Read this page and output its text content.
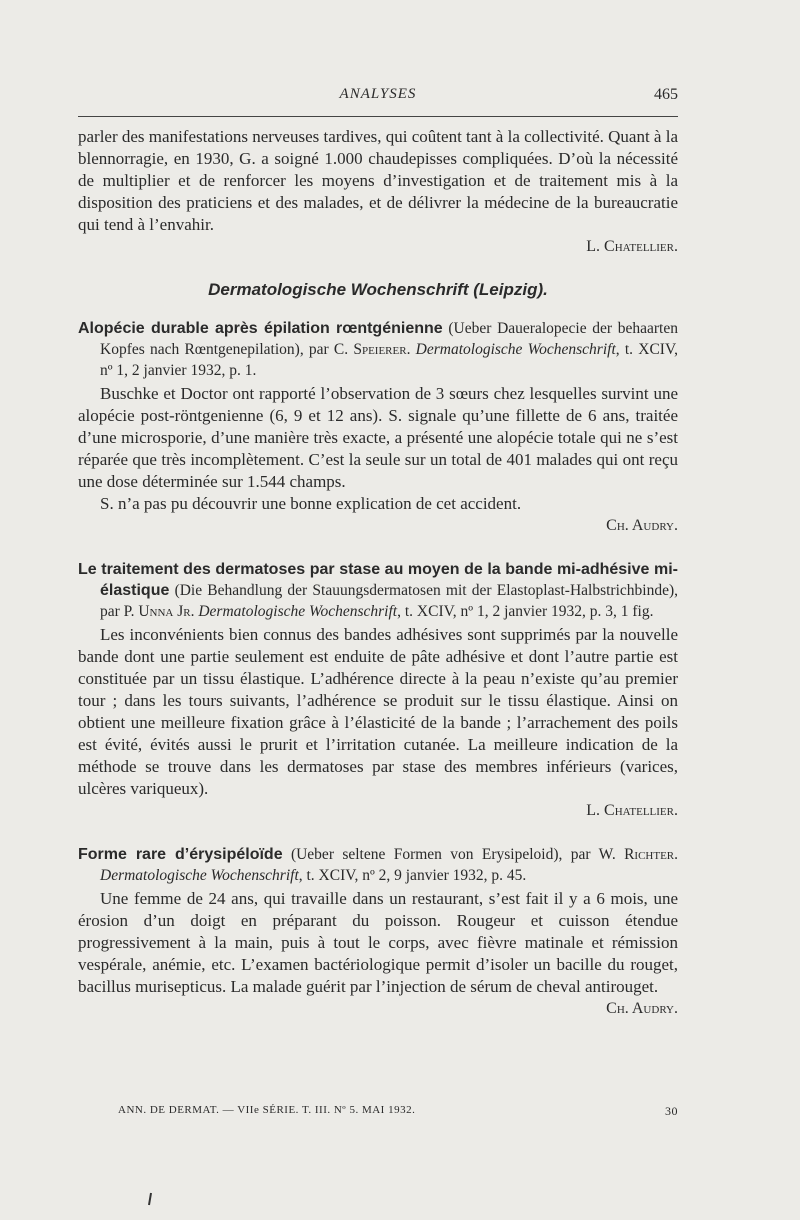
ANALYSES	465

parler des manifestations nerveuses tardives, qui coûtent tant à la collectivité. Quant à la blennorragie, en 1930, G. a soigné 1.000 chaudepisses compliquées. D’où la nécessité de multiplier et de renforcer les moyens d’investigation et de traitement mis à la disposition des praticiens et des malades, et de délivrer la médecine de la bureaucratie qui tend à l’envahir.

L. Chatellier.
Dermatologische Wochenschrift (Leipzig).
Alopécie durable après épilation rœntgénienne (Ueber Daueralopecie der behaarten Kopfes nach Rœntgenepilation), par C. Speierer. Dermatologische Wochenschrift, t. XCIV, nº 1, 2 janvier 1932, p. 1.

Buschke et Doctor ont rapporté l’observation de 3 sœurs chez lesquelles survint une alopécie post-röntgenienne (6, 9 et 12 ans). S. signale qu’une fillette de 6 ans, traitée d’une microsporie, d’une manière très exacte, a présenté une alopécie totale qui ne s’est réparée que très incomplètement. C’est la seule sur un total de 401 malades qui ont reçu une dose déterminée sur 1.544 champs.

S. n’a pas pu découvrir une bonne explication de cet accident.

Ch. Audry.
Le traitement des dermatoses par stase au moyen de la bande mi-adhésive mi-élastique (Die Behandlung der Stauungsdermatosen mit der Elastoplast-Halbstrichbinde), par P. Unna Jr. Dermatologische Wochenschrift, t. XCIV, nº 1, 2 janvier 1932, p. 3, 1 fig.

Les inconvénients bien connus des bandes adhésives sont supprimés par la nouvelle bande dont une partie seulement est enduite de pâte adhésive et dont l’autre partie est constituée par un tissu élastique. L’adhérence directe à la peau n’existe qu’au premier tour ; dans les tours suivants, l’adhérence se produit sur le tissu élastique. Ainsi on obtient une meilleure fixation grâce à l’élasticité de la bande ; l’arrachement des poils est évité, évités aussi le prurit et l’irritation cutanée. La meilleure indication de la méthode se trouve dans les dermatoses par stase des membres inférieurs (varices, ulcères variqueux).

L. Chatellier.
Forme rare d’érysipéloïde (Ueber seltene Formen von Erysipeloid), par W. Richter. Dermatologische Wochenschrift, t. XCIV, nº 2, 9 janvier 1932, p. 45.

Une femme de 24 ans, qui travaille dans un restaurant, s’est fait il y a 6 mois, une érosion d’un doigt en préparant du poisson. Rougeur et cuisson étendue progressivement à la main, puis à tout le corps, avec fièvre matinale et rémission vespérale, anémie, etc. L’examen bactériologique permit d’isoler un bacille du rouget, bacillus murisepticus. La malade guérit par l’injection de sérum de cheval antirouget.

Ch. Audry.
ANN. DE DERMAT. — VIIe SÉRIE. T. III. Nº 5. MAI 1932.	30
